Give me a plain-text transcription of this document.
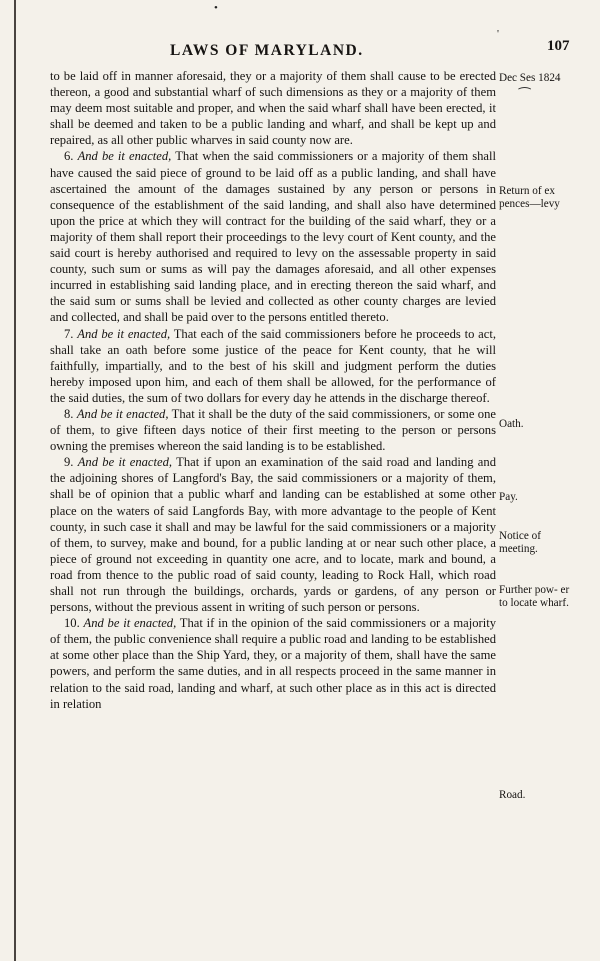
LAWS OF MARYLAND.	107

to be laid off in manner aforesaid, they or a majority of them shall cause to be erected thereon, a good and substantial wharf of such dimensions as they or a majority of them may deem most suitable and proper, and when the said wharf shall have been erected, it shall be deemed and taken to be a public landing and wharf, and shall be kept up and repaired, as all other public wharves in said county now are.

6. And be it enacted, That when the said commissioners or a majority of them shall have caused the said piece of ground to be laid off as a public landing, and shall have ascertained the amount of the damages sustained by any person or persons in consequence of the establishment of the said landing, and shall also have determined upon the price at which they will contract for the building of the said wharf, they or a majority of them shall report their proceedings to the levy court of Kent county, and the said court is hereby authorised and required to levy on the assessable property in said county, such sum or sums as will pay the damages aforesaid, and all other expenses incurred in establishing said landing place, and in erecting thereon the said wharf, and the said sum or sums shall be levied and collected as other county charges are levied and collected, and shall be paid over to the persons entitled thereto.

7. And be it enacted, That each of the said commissioners before he proceeds to act, shall take an oath before some justice of the peace for Kent county, that he will faithfully, impartially, and to the best of his skill and judgment perform the duties hereby imposed upon him, and each of them shall be allowed, for the performance of the said duties, the sum of two dollars for every day he attends in the discharge thereof.

8. And be it enacted, That it shall be the duty of the said commissioners, or some one of them, to give fifteen days notice of their first meeting to the person or persons owning the premises whereon the said landing is to be established.

9. And be it enacted, That if upon an examination of the said road and landing and the adjoining shores of Langford's Bay, the said commissioners or a majority of them, shall be of opinion that a public wharf and landing can be established at some other place on the waters of said Langfords Bay, with more advantage to the people of Kent county, in such case it shall and may be lawful for the said commissioners or a majority of them, to survey, make and bound, for a public landing at or near such other place, a piece of ground not exceeding in quantity one acre, and to locate, mark and bound, a road from thence to the public road of said county, leading to Rock Hall, which road shall not run through the buildings, orchards, yards or gardens, of any person or persons, without the previous assent in writing of such person or persons.

10. And be it enacted, That if in the opinion of the said commissioners or a majority of them, the public convenience shall require a public road and landing to be established at some other place than the Ship Yard, they, or a majority of them, shall have the same powers, and perform the same duties, and in all respects proceed in the same manner in relation to the said road, landing and wharf, at such other place as in this act is directed in relation

Dec Ses 1824
⁀
Return of ex pences—levy
Oath.
Pay.
Notice of meeting.
Further pow- er to locate wharf.
Road.
•
'
